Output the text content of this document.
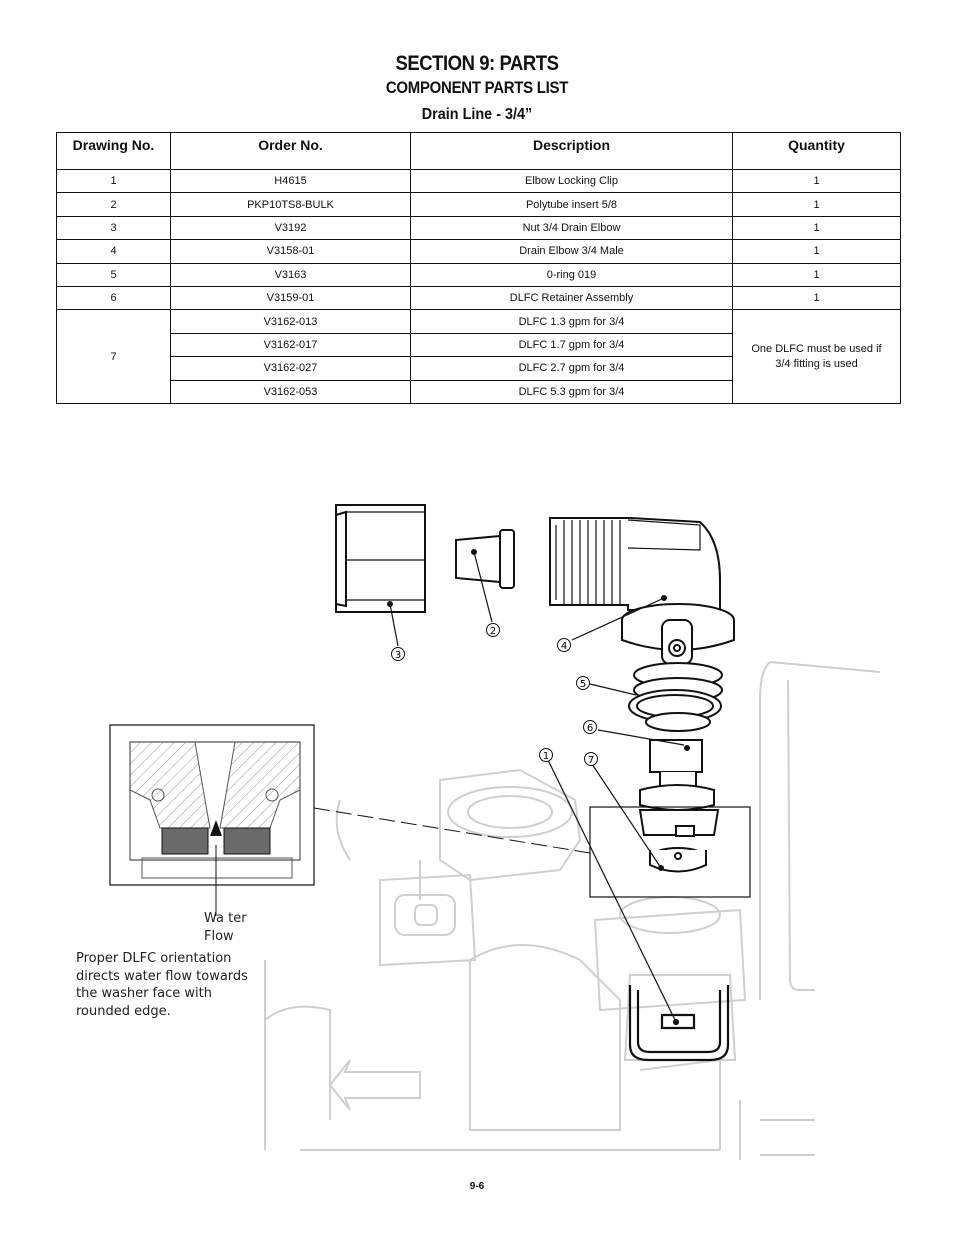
SECTION 9: PARTS
COMPONENT PARTS LIST
Drain Line - 3/4”
Drawing No.	Order No.	Description	Quantity
1	H4615	Elbow Locking Clip	1
2	PKP10TS8-BULK	Polytube insert 5/8	1
3	V3192	Nut 3/4 Drain Elbow	1
4	V3158-01	Drain Elbow 3/4 Male	1
5	V3163	0-ring 019	1
6	V3159-01	DLFC Retainer Assembly	1
7	V3162-013	DLFC 1.3 gpm for 3/4	One DLFC must be used if 3/4 fitting is used

	V3162-017	DLFC 1.7 gpm for 3/4	
	V3162-027	DLFC 2.7 gpm for 3/4	
	V3162-053	DLFC 5.3 gpm for 3/4	
1
2
3
4
5
6
7
Wa ter
Flow
Proper DLFC orientation directs water flow towards the washer face with rounded edge.
9-6
